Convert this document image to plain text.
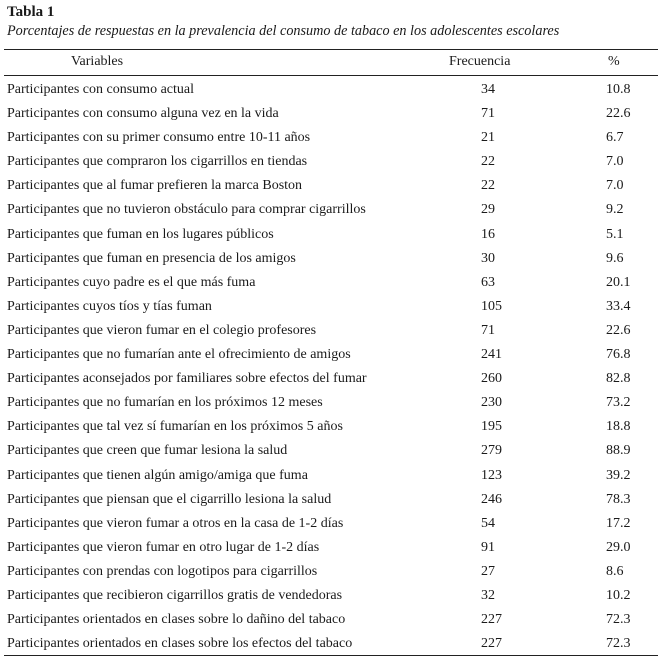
Tabla 1
Porcentajes de respuestas en la prevalencia del consumo de tabaco en los adolescentes escolares
Variables	Frecuencia	%
Participantes con consumo actual	34	10.8
Participantes con consumo alguna vez en la vida	71	22.6
Participantes con su primer consumo entre 10-11 años	21	6.7
Participantes que compraron los cigarrillos en tiendas	22	7.0
Participantes que al fumar prefieren la marca Boston	22	7.0
Participantes que no tuvieron obstáculo para comprar cigarrillos	29	9.2
Participantes que fuman en los lugares públicos	16	5.1
Participantes que fuman en presencia de los amigos	30	9.6
Participantes cuyo padre es el que más fuma	63	20.1
Participantes cuyos tíos y tías fuman	105	33.4
Participantes que vieron fumar en el colegio profesores	71	22.6
Participantes que no fumarían ante el ofrecimiento de amigos	241	76.8
Participantes aconsejados por familiares sobre efectos del fumar	260	82.8
Participantes que no fumarían en los próximos 12 meses	230	73.2
Participantes que tal vez sí fumarían en los próximos 5 años	195	18.8
Participantes que creen que fumar lesiona la salud	279	88.9
Participantes que tienen algún amigo/amiga que fuma	123	39.2
Participantes que piensan que el cigarrillo lesiona la salud	246	78.3
Participantes que vieron fumar a otros en la casa de 1-2 días	54	17.2
Participantes que vieron fumar en otro lugar de 1-2 días	91	29.0
Participantes con prendas con logotipos para cigarrillos	27	8.6
Participantes que recibieron cigarrillos gratis de vendedoras	32	10.2
Participantes orientados en clases sobre lo dañino del tabaco	227	72.3
Participantes orientados en clases sobre los efectos del tabaco	227	72.3
